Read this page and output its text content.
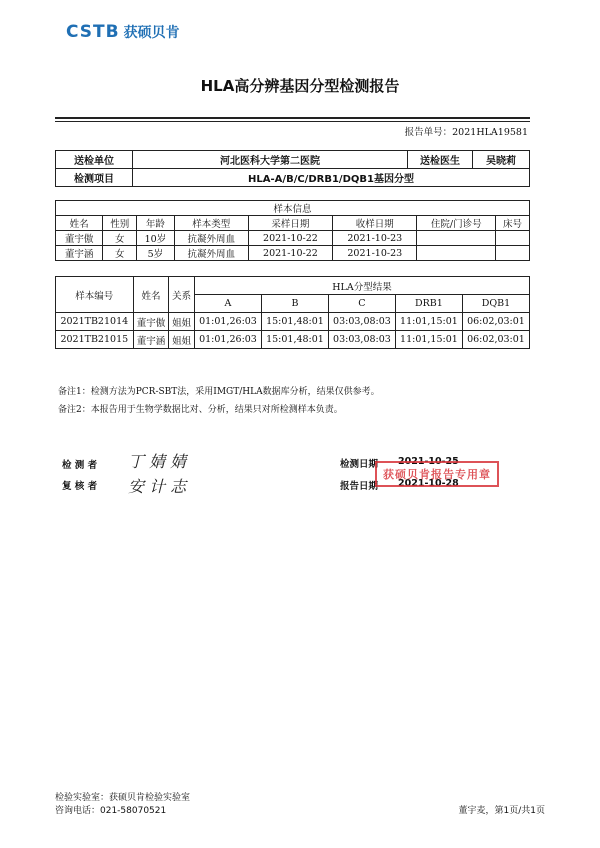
CSTB 获硕贝肯
HLA高分辨基因分型检测报告
报告单号：2021HLA19581
送检单位	河北医科大学第二医院	送检医生	吴晓莉
检测项目	HLA-A/B/C/DRB1/DQB1基因分型		
样本信息							
姓名	性别	年龄	样本类型	采样日期	收样日期	住院/门诊号	床号
董宇傲	女	10岁	抗凝外周血	2021-10-22	2021-10-23		
董宇涵	女	5岁	抗凝外周血	2021-10-22	2021-10-23		
样本编号	姓名	关系	HLA分型结果				
			A	B	C	DRB1	DQB1
2021TB21014	董宇傲	姐姐	01:01,26:03	15:01,48:01	03:03,08:03	11:01,15:01	06:02,03:01
2021TB21015	董宇涵	姐姐	01:01,26:03	15:01,48:01	03:03,08:03	11:01,15:01	06:02,03:01
备注1：检测方法为PCR-SBT法，采用IMGT/HLA数据库分析，结果仅供参考。
备注2：本报告用于生物学数据比对、分析，结果只对所检测样本负责。
检 测 者 丁 婧 婧
复 核 者 安 计 志
检测日期 2021-10-25
报告日期 2021-10-28
获硕贝肯报告专用章
检验实验室：获硕贝肯检验实验室
咨询电话：021-58070521	董宇麦，第1页/共1页
